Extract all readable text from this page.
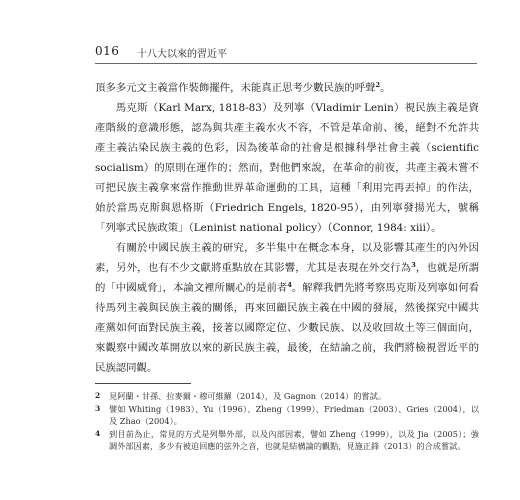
016 十八大以來的習近平

頂多多元文主義當作裝飾擺件，未能真正思考少數民族的呼聲$^2$。

馬克斯（Karl Marx, 1818-83）及列寧（Vladimir Lenin）視民族主義是資產階級的意識形態，認為與共產主義水火不容，不管是革命前、後，絕對不允許共產主義沾染民族主義的色彩，因為後革命的社會是根據科學社會主義（scientific socialism）的原則在運作的；然而，對他們來說，在革命的前夜，共產主義未嘗不可把民族主義拿來當作推動世界革命運動的工具，這種「利用完再丟掉」的作法，始於當馬克斯與恩格斯（Friedrich Engels, 1820-95），由列寧發揚光大，號稱「列寧式民族政策」（Leninist national policy）（Connor, 1984: xiii）。

有關於中國民族主義的研究，多半集中在概念本身，以及影響其產生的內外因素，另外，也有不少文獻將重點放在其影響，尤其是表現在外交行為$^3$，也就是所謂的「中國威脅」，本論文裡所關心的是前者$^4$。解釋我們先將考察馬克斯及列寧如何看待馬列主義與民族主義的關係，再來回顧民族主義在中國的發展，然後探究中國共產黨如何面對民族主義，接著以國際定位、少數民族、以及收回故土等三個面向，來觀察中國改革開放以來的新民族主義，最後，在結論之前，我們將檢視習近平的民族認同觀。

2 見阿蘭・甘孫、拉麥爾・穆可維羅（2014），及 Gagnon（2014）的嘗試。

3 譬如 Whiting（1983）、Yu（1996）、Zheng（1999）、Friedman（2003）、Gries（2004），以及 Zhao（2004）。

4 到目前為止，常見的方式是列舉外部，以及內部因素，譬如 Zheng（1999），以及 Jia（2005）；強調外部因素，多少有被迫回應的弦外之音，也就是結構論的觀點，見施正鋒（2013）的合成嘗試。
